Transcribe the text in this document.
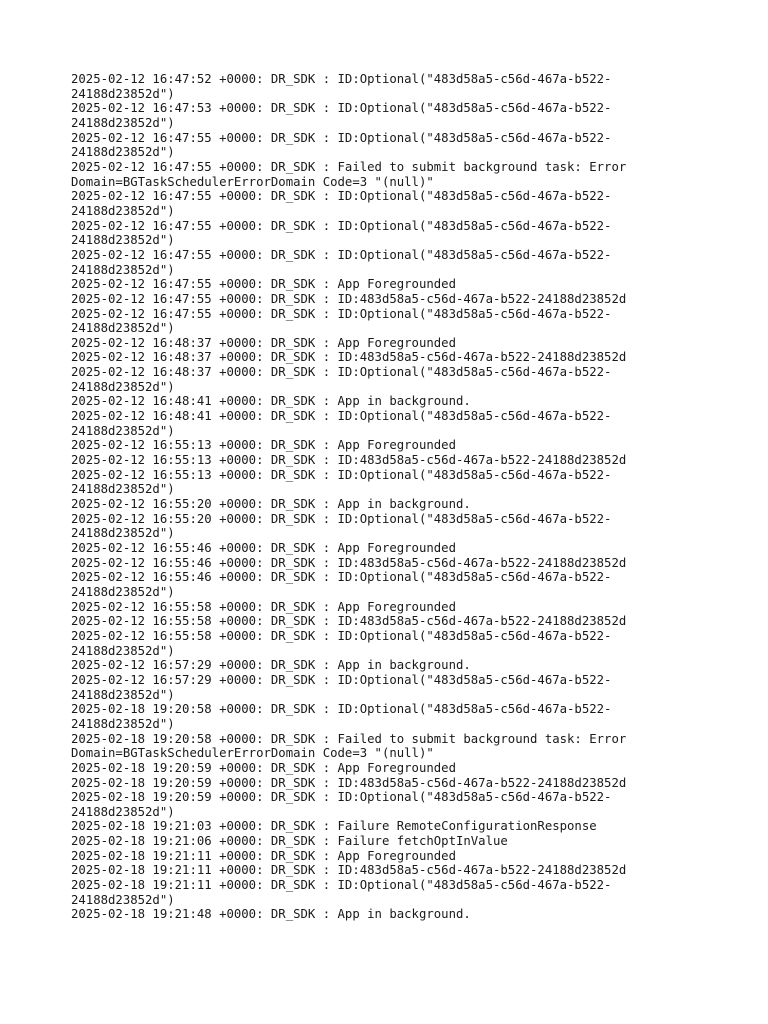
2025-02-12 16:47:52 +0000: DR_SDK : ID:Optional("483d58a5-c56d-467a-b522-
24188d23852d")
2025-02-12 16:47:53 +0000: DR_SDK : ID:Optional("483d58a5-c56d-467a-b522-
24188d23852d")
2025-02-12 16:47:55 +0000: DR_SDK : ID:Optional("483d58a5-c56d-467a-b522-
24188d23852d")
2025-02-12 16:47:55 +0000: DR_SDK : Failed to submit background task: Error
Domain=BGTaskSchedulerErrorDomain Code=3 "(null)"
2025-02-12 16:47:55 +0000: DR_SDK : ID:Optional("483d58a5-c56d-467a-b522-
24188d23852d")
2025-02-12 16:47:55 +0000: DR_SDK : ID:Optional("483d58a5-c56d-467a-b522-
24188d23852d")
2025-02-12 16:47:55 +0000: DR_SDK : ID:Optional("483d58a5-c56d-467a-b522-
24188d23852d")
2025-02-12 16:47:55 +0000: DR_SDK : App Foregrounded
2025-02-12 16:47:55 +0000: DR_SDK : ID:483d58a5-c56d-467a-b522-24188d23852d
2025-02-12 16:47:55 +0000: DR_SDK : ID:Optional("483d58a5-c56d-467a-b522-
24188d23852d")
2025-02-12 16:48:37 +0000: DR_SDK : App Foregrounded
2025-02-12 16:48:37 +0000: DR_SDK : ID:483d58a5-c56d-467a-b522-24188d23852d
2025-02-12 16:48:37 +0000: DR_SDK : ID:Optional("483d58a5-c56d-467a-b522-
24188d23852d")
2025-02-12 16:48:41 +0000: DR_SDK : App in background.
2025-02-12 16:48:41 +0000: DR_SDK : ID:Optional("483d58a5-c56d-467a-b522-
24188d23852d")
2025-02-12 16:55:13 +0000: DR_SDK : App Foregrounded
2025-02-12 16:55:13 +0000: DR_SDK : ID:483d58a5-c56d-467a-b522-24188d23852d
2025-02-12 16:55:13 +0000: DR_SDK : ID:Optional("483d58a5-c56d-467a-b522-
24188d23852d")
2025-02-12 16:55:20 +0000: DR_SDK : App in background.
2025-02-12 16:55:20 +0000: DR_SDK : ID:Optional("483d58a5-c56d-467a-b522-
24188d23852d")
2025-02-12 16:55:46 +0000: DR_SDK : App Foregrounded
2025-02-12 16:55:46 +0000: DR_SDK : ID:483d58a5-c56d-467a-b522-24188d23852d
2025-02-12 16:55:46 +0000: DR_SDK : ID:Optional("483d58a5-c56d-467a-b522-
24188d23852d")
2025-02-12 16:55:58 +0000: DR_SDK : App Foregrounded
2025-02-12 16:55:58 +0000: DR_SDK : ID:483d58a5-c56d-467a-b522-24188d23852d
2025-02-12 16:55:58 +0000: DR_SDK : ID:Optional("483d58a5-c56d-467a-b522-
24188d23852d")
2025-02-12 16:57:29 +0000: DR_SDK : App in background.
2025-02-12 16:57:29 +0000: DR_SDK : ID:Optional("483d58a5-c56d-467a-b522-
24188d23852d")
2025-02-18 19:20:58 +0000: DR_SDK : ID:Optional("483d58a5-c56d-467a-b522-
24188d23852d")
2025-02-18 19:20:58 +0000: DR_SDK : Failed to submit background task: Error
Domain=BGTaskSchedulerErrorDomain Code=3 "(null)"
2025-02-18 19:20:59 +0000: DR_SDK : App Foregrounded
2025-02-18 19:20:59 +0000: DR_SDK : ID:483d58a5-c56d-467a-b522-24188d23852d
2025-02-18 19:20:59 +0000: DR_SDK : ID:Optional("483d58a5-c56d-467a-b522-
24188d23852d")
2025-02-18 19:21:03 +0000: DR_SDK : Failure RemoteConfigurationResponse
2025-02-18 19:21:06 +0000: DR_SDK : Failure fetchOptInValue
2025-02-18 19:21:11 +0000: DR_SDK : App Foregrounded
2025-02-18 19:21:11 +0000: DR_SDK : ID:483d58a5-c56d-467a-b522-24188d23852d
2025-02-18 19:21:11 +0000: DR_SDK : ID:Optional("483d58a5-c56d-467a-b522-
24188d23852d")
2025-02-18 19:21:48 +0000: DR_SDK : App in background.
